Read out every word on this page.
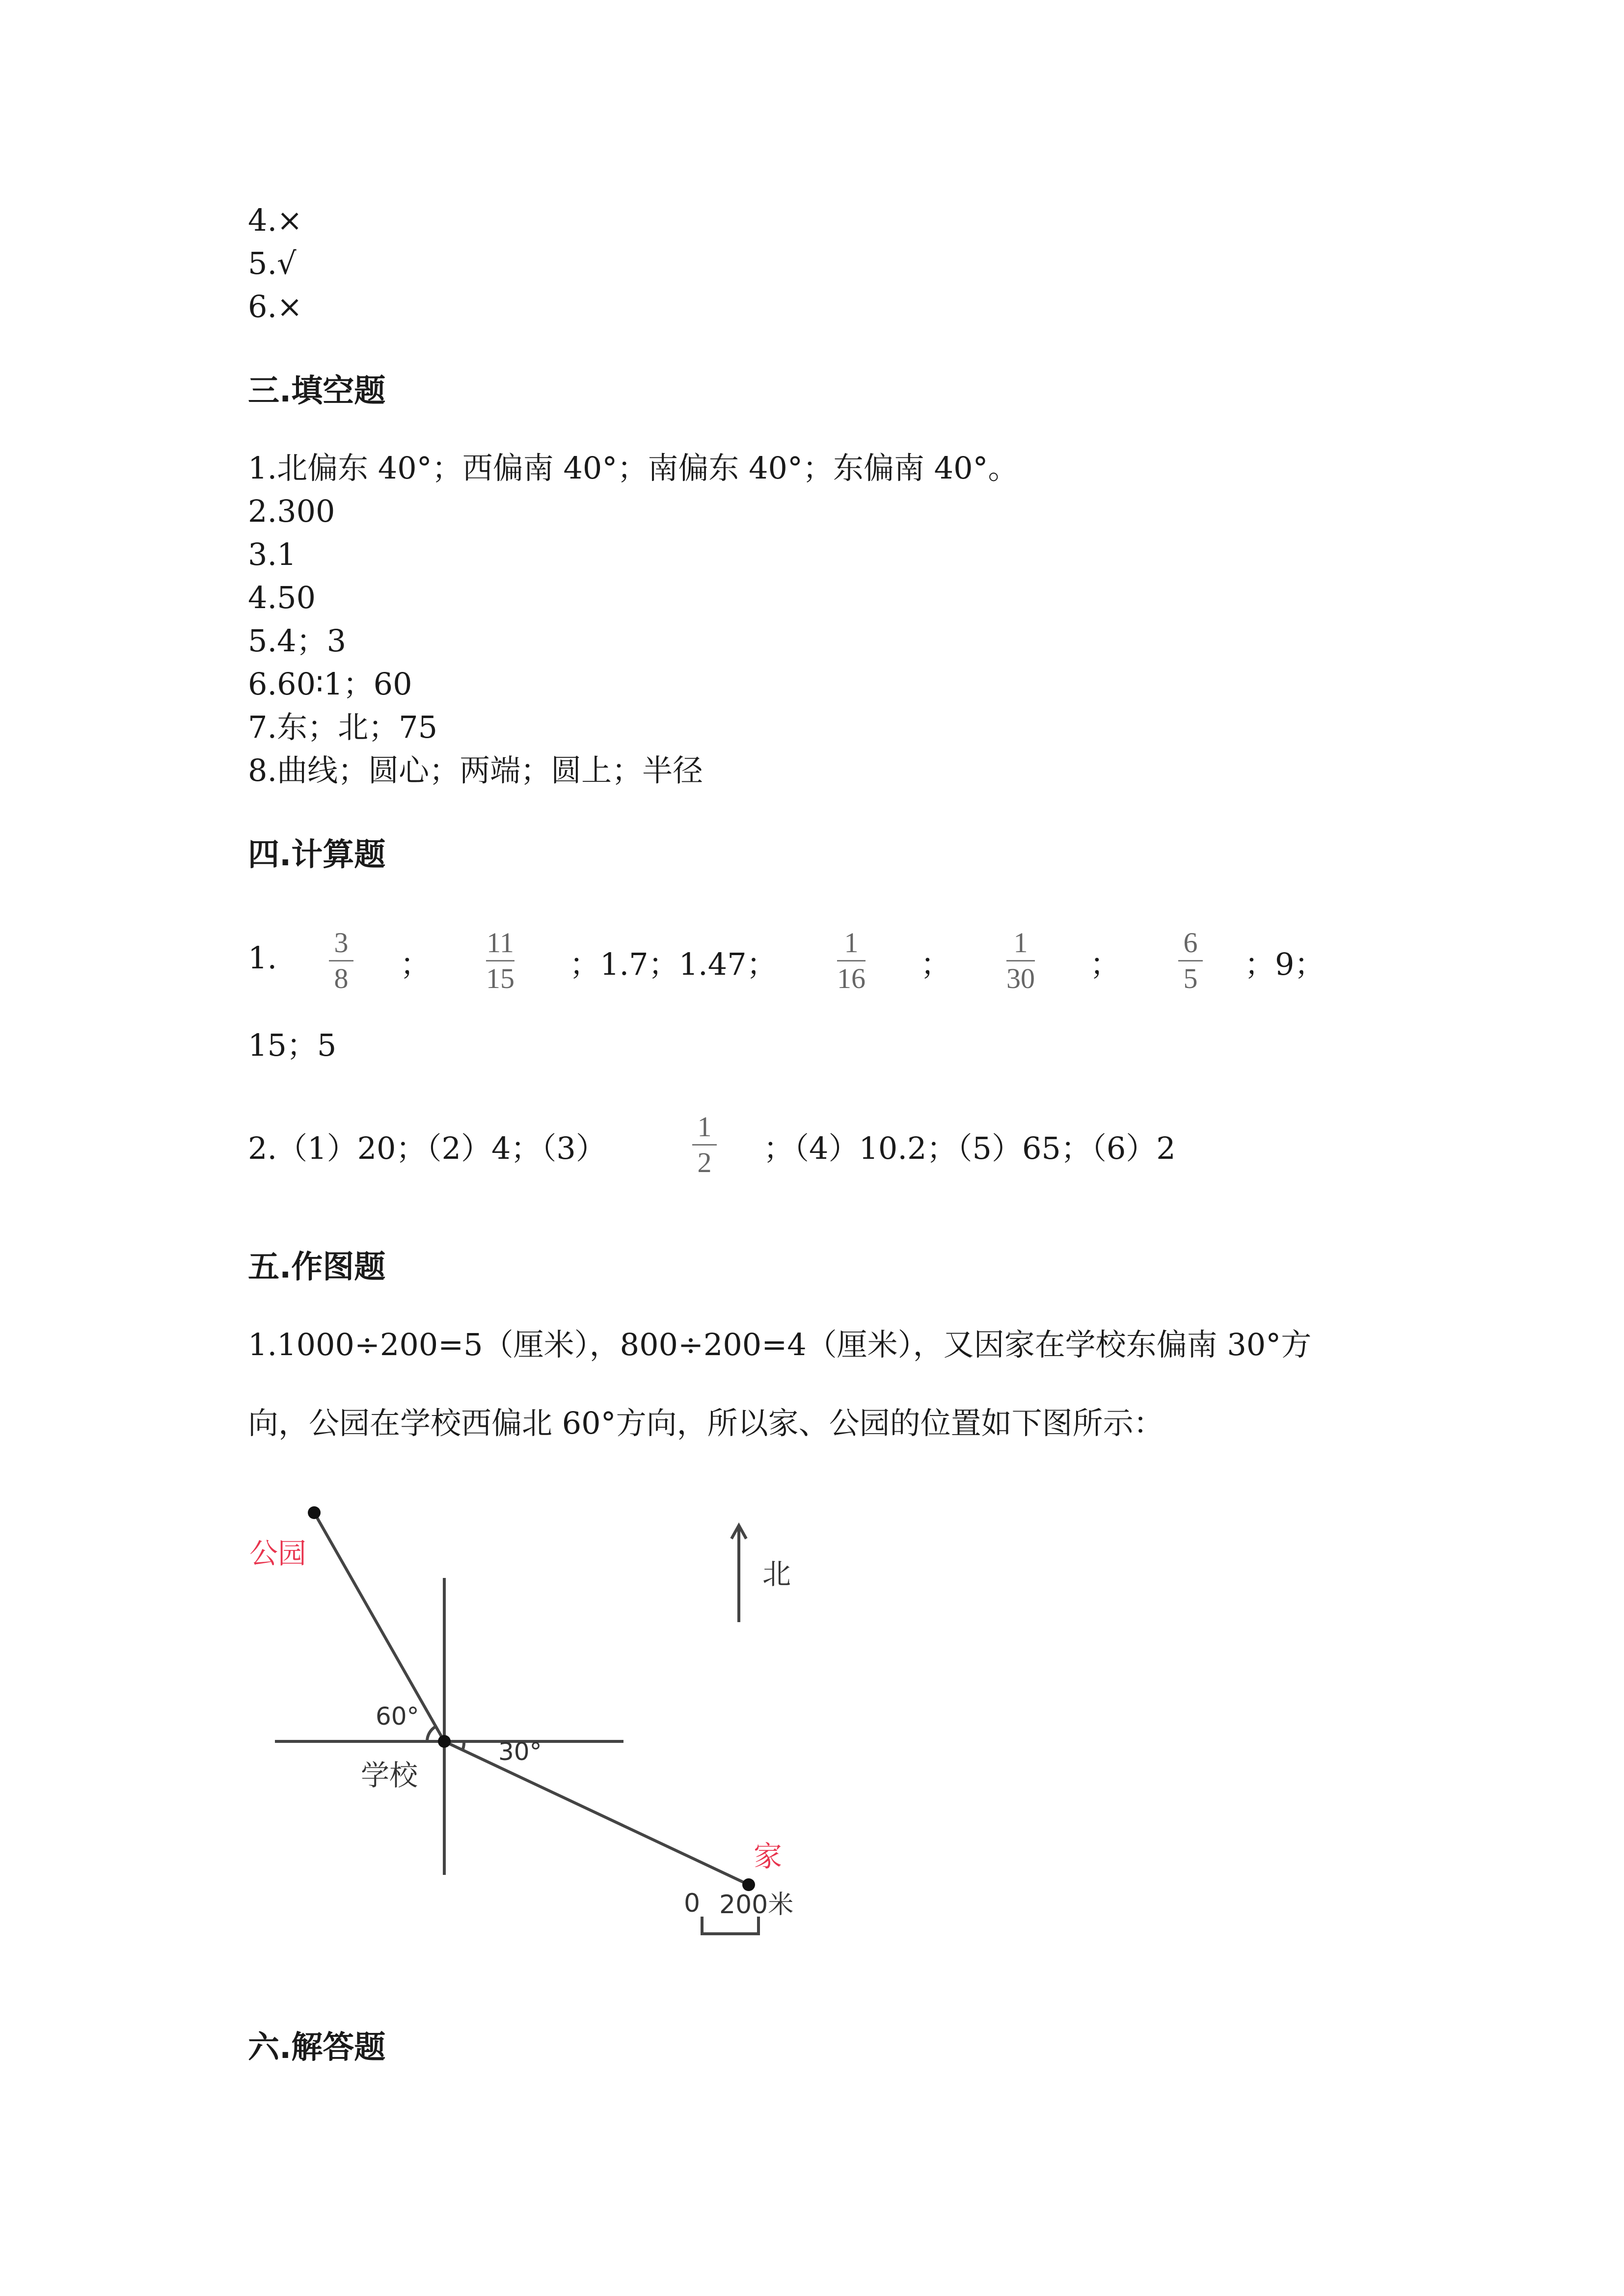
4.×
5.√
6.×
三.填空题
1.北偏东 40°；西偏南 40°；南偏东 40°；东偏南 40°。
2.300
3.1
4.50
5.4；3
6.60∶1；60
7.东；北；75
8.曲线；圆心；两端；圆上；半径
四.计算题
1. 3
8 ；
11
15 ；1.7；1.47；
1
16 ；
1
30 ；
6
5 ；9；
15；5
2.（1）20；（2）4；（3）
1
2 ；（4）10.2；（5）65；（6）2
五.作图题
1.1000÷200=5（厘米），800÷200=4（厘米），又因家在学校东偏南 30°方
向，公园在学校西偏北 60°方向，所以家、公园的位置如下图所示：
公园
北
60°
30°
学校
家
0 200米
六.解答题
